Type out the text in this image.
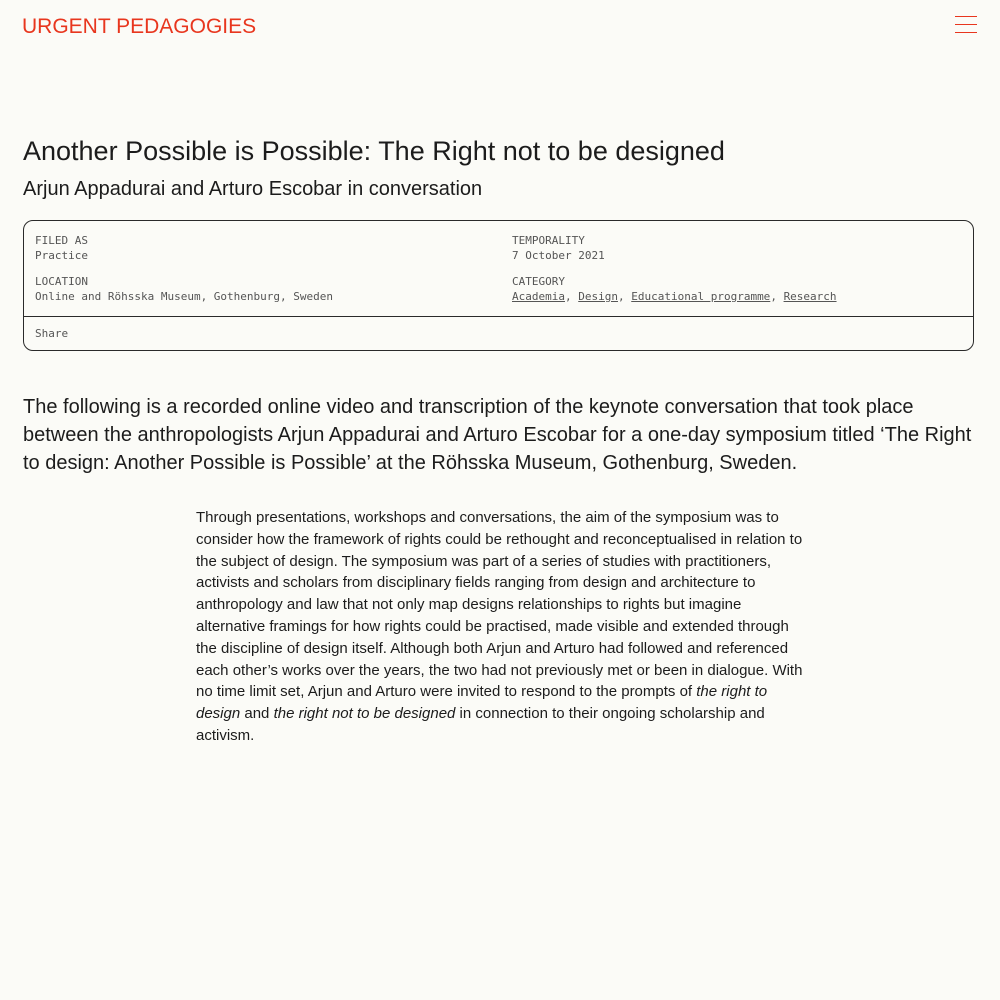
URGENT PEDAGOGIES
Another Possible is Possible: The Right not to be designed
Arjun Appadurai and Arturo Escobar in conversation
FILED AS
Practice
TEMPORALITY
7 October 2021
LOCATION
Online and Röhsska Museum, Gothenburg, Sweden
CATEGORY
Academia, Design, Educational programme, Research
Share

The following is a recorded online video and transcription of the keynote conversation that took place between the anthropologists Arjun Appadurai and Arturo Escobar for a one-day symposium titled ‘The Right to design: Another Possible is Possible’ at the Röhsska Museum, Gothenburg, Sweden.

Through presentations, workshops and conversations, the aim of the symposium was to consider how the framework of rights could be rethought and reconceptualised in relation to the subject of design. The symposium was part of a series of studies with practitioners, activists and scholars from disciplinary fields ranging from design and architecture to anthropology and law that not only map designs relationships to rights but imagine alternative framings for how rights could be practised, made visible and extended through the discipline of design itself. Although both Arjun and Arturo had followed and referenced each other’s works over the years, the two had not previously met or been in dialogue. With no time limit set, Arjun and Arturo were invited to respond to the prompts of the right to design and the right not to be designed in connection to their ongoing scholarship and activism.
